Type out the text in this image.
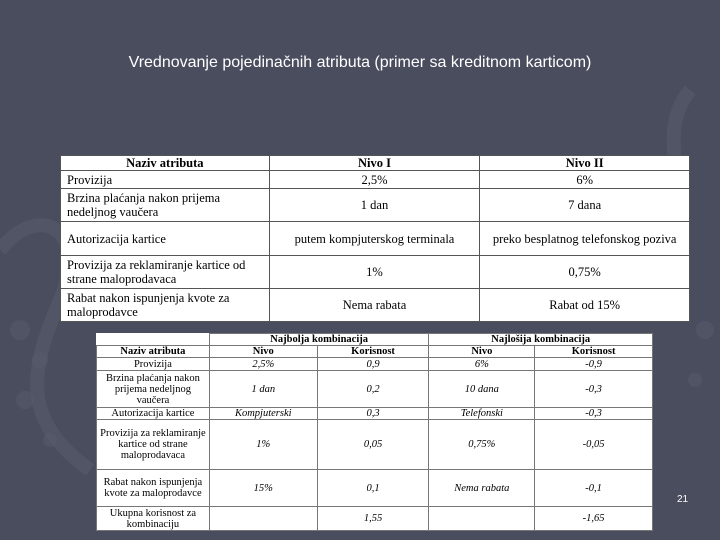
Vrednovanje pojedinačnih atributa (primer sa kreditnom karticom)
Naziv atributa	Nivo I	Nivo II
Provizija	2,5%	6%
Brzina plaćanja nakon prijema nedeljnog vaučera	1 dan	7 dana
Autorizacija kartice	putem kompjuterskog terminala	preko besplatnog telefonskog poziva
Provizija za reklamiranje kartice od strane maloprodavaca	1%	0,75%
Rabat nakon ispunjenja kvote za maloprodavce	Nema rabata	Rabat od 15%
	Najbolja kombinacija		Najlošija kombinacija	
Naziv atributa	Nivo	Korisnost	Nivo	Korisnost
Provizija	2,5%	0,9	6%	-0,9
Brzina plaćanja nakon prijema nedeljnog vaučera	1 dan	0,2	10 dana	-0,3
Autorizacija kartice	Kompjuterski	0,3	Telefonski	-0,3
Provizija za reklamiranje kartice od strane maloprodavaca	1%	0,05	0,75%	-0,05
Rabat nakon ispunjenja kvote za maloprodavce	15%	0,1	Nema rabata	-0,1
Ukupna korisnost za kombinaciju		1,55		-1,65
21
